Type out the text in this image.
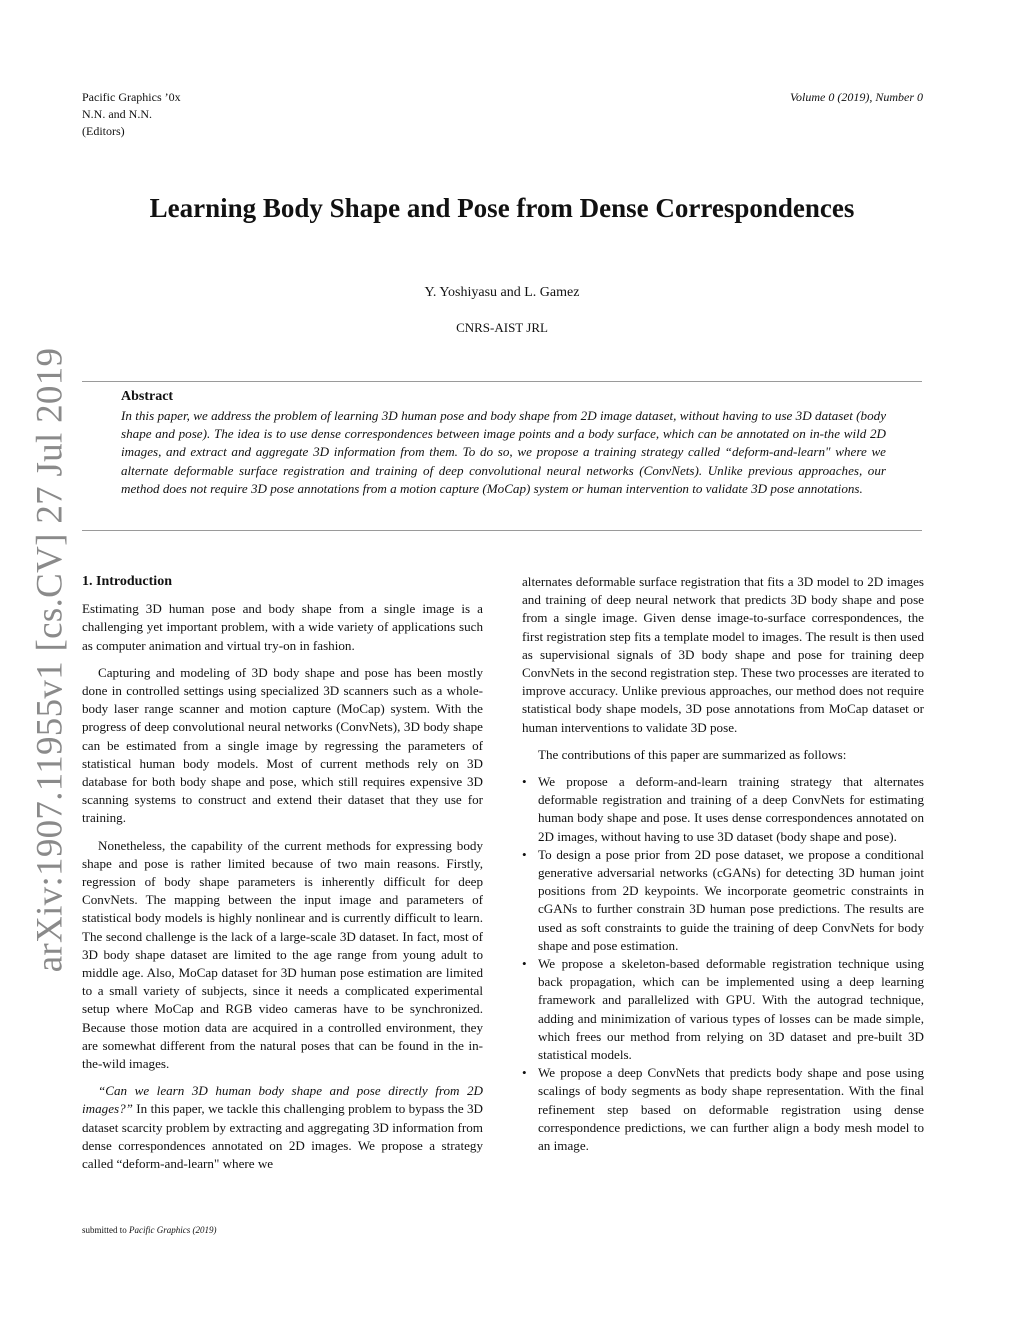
Pacific Graphics ’0x
N.N. and N.N.
(Editors)
Volume 0 (2019), Number 0
arXiv:1907.11955v1 [cs.CV] 27 Jul 2019
Learning Body Shape and Pose from Dense Correspondences
Y. Yoshiyasu and L. Gamez
CNRS-AIST JRL
Abstract

In this paper, we address the problem of learning 3D human pose and body shape from 2D image dataset, without having to use 3D dataset (body shape and pose). The idea is to use dense correspondences between image points and a body surface, which can be annotated on in-the wild 2D images, and extract and aggregate 3D information from them. To do so, we propose a training strategy called “deform-and-learn" where we alternate deformable surface registration and training of deep convolutional neural networks (ConvNets). Unlike previous approaches, our method does not require 3D pose annotations from a motion capture (MoCap) system or human intervention to validate 3D pose annotations.

1. Introduction

Estimating 3D human pose and body shape from a single image is a challenging yet important problem, with a wide variety of applications such as computer animation and virtual try-on in fashion.

Capturing and modeling of 3D body shape and pose has been mostly done in controlled settings using specialized 3D scanners such as a whole-body laser range scanner and motion capture (MoCap) system. With the progress of deep convolutional neural networks (ConvNets), 3D body shape can be estimated from a single image by regressing the parameters of statistical human body models. Most of current methods rely on 3D database for both body shape and pose, which still requires expensive 3D scanning systems to construct and extend their dataset that they use for training.

Nonetheless, the capability of the current methods for expressing body shape and pose is rather limited because of two main reasons. Firstly, regression of body shape parameters is inherently difficult for deep ConvNets. The mapping between the input image and parameters of statistical body models is highly nonlinear and is currently difficult to learn. The second challenge is the lack of a large-scale 3D dataset. In fact, most of 3D body shape dataset are limited to the age range from young adult to middle age. Also, MoCap dataset for 3D human pose estimation are limited to a small variety of subjects, since it needs a complicated experimental setup where MoCap and RGB video cameras have to be synchronized. Because those motion data are acquired in a controlled environment, they are somewhat different from the natural poses that can be found in the in-the-wild images.

“Can we learn 3D human body shape and pose directly from 2D images?” In this paper, we tackle this challenging problem to bypass the 3D dataset scarcity problem by extracting and aggregating 3D information from dense correspondences annotated on 2D images. We propose a strategy called “deform-and-learn" where we

alternates deformable surface registration that fits a 3D model to 2D images and training of deep neural network that predicts 3D body shape and pose from a single image. Given dense image-to-surface correspondences, the first registration step fits a template model to images. The result is then used as supervisional signals of 3D body shape and pose for training deep ConvNets in the second registration step. These two processes are iterated to improve accuracy. Unlike previous approaches, our method does not require statistical body shape models, 3D pose annotations from MoCap dataset or human interventions to validate 3D pose.

The contributions of this paper are summarized as follows:

• We propose a deform-and-learn training strategy that alternates deformable registration and training of a deep ConvNets for estimating human body shape and pose. It uses dense correspondences annotated on 2D images, without having to use 3D dataset (body shape and pose).
• To design a pose prior from 2D pose dataset, we propose a conditional generative adversarial networks (cGANs) for detecting 3D human joint positions from 2D keypoints. We incorporate geometric constraints in cGANs to further constrain 3D human pose predictions. The results are used as soft constraints to guide the training of deep ConvNets for body shape and pose estimation.
• We propose a skeleton-based deformable registration technique using back propagation, which can be implemented using a deep learning framework and parallelized with GPU. With the autograd technique, adding and minimization of various types of losses can be made simple, which frees our method from relying on 3D dataset and pre-built 3D statistical models.
• We propose a deep ConvNets that predicts body shape and pose using scalings of body segments as body shape representation. With the final refinement step based on deformable registration using dense correspondence predictions, we can further align a body mesh model to an image.
submitted to Pacific Graphics (2019)
